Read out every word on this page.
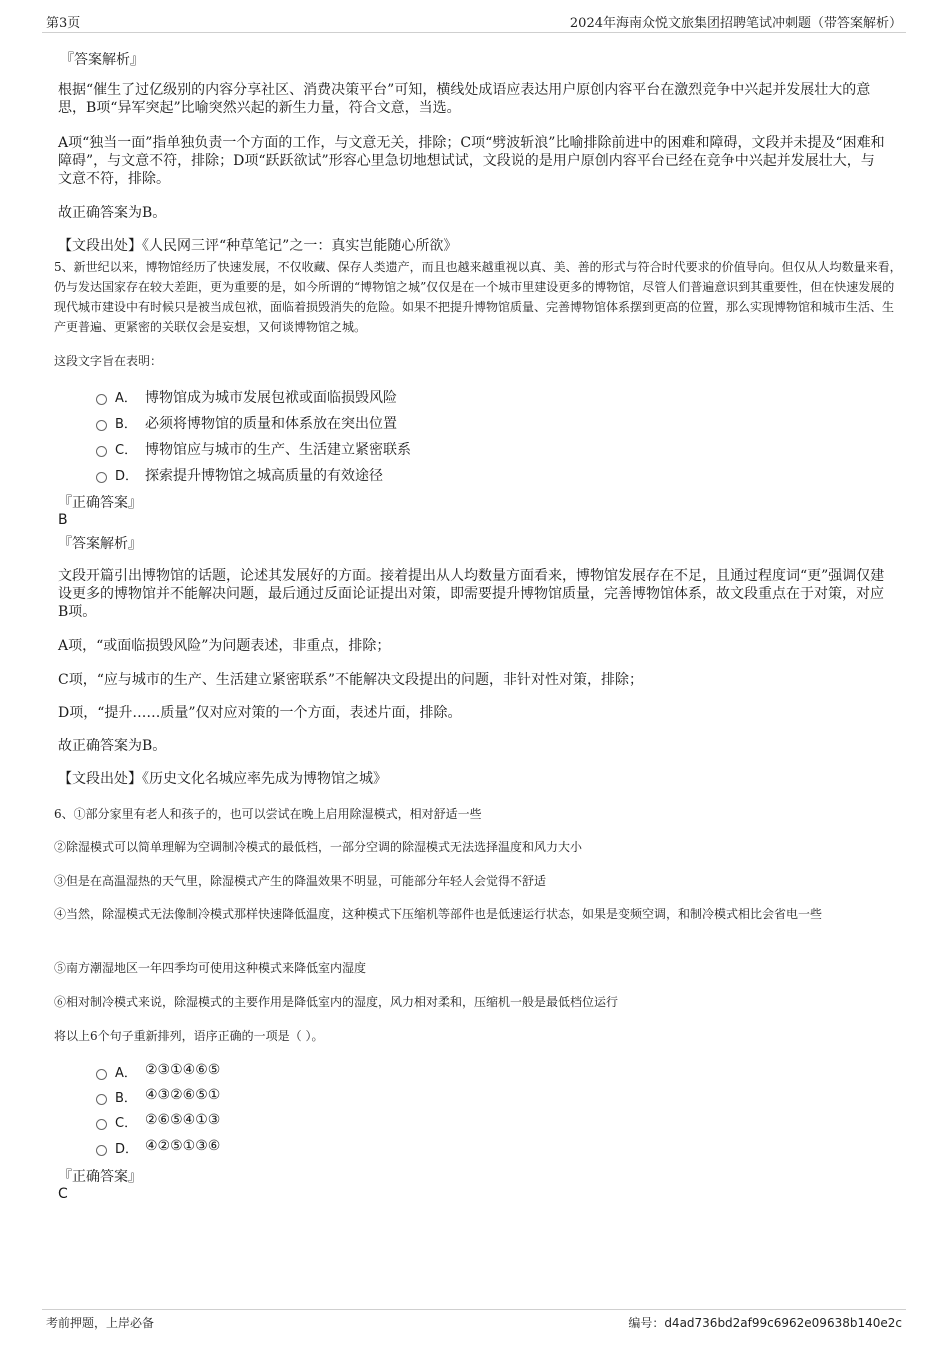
第3页	2024年海南众悦文旅集团招聘笔试冲刺题（带答案解析）
『答案解析』
根据“催生了过亿级别的内容分享社区、消费决策平台”可知，横线处成语应表达用户原创内容平台在激烈竞争中兴起并发展壮大的意思，B项“异军突起”比喻突然兴起的新生力量，符合文意，当选。
A项“独当一面”指单独负责一个方面的工作，与文意无关，排除；C项“劈波斩浪”比喻排除前进中的困难和障碍，文段并未提及“困难和障碍”，与文意不符，排除；D项“跃跃欲试”形容心里急切地想试试，文段说的是用户原创内容平台已经在竞争中兴起并发展壮大，与文意不符，排除。
故正确答案为B。
【文段出处】《人民网三评“种草笔记”之一：真实岂能随心所欲》
5、新世纪以来，博物馆经历了快速发展，不仅收藏、保存人类遗产，而且也越来越重视以真、美、善的形式与符合时代要求的价值导向。但仅从人均数量来看，仍与发达国家存在较大差距，更为重要的是，如今所谓的“博物馆之城”仅仅是在一个城市里建设更多的博物馆，尽管人们普遍意识到其重要性，但在快速发展的现代城市建设中有时候只是被当成包袱，面临着损毁消失的危险。如果不把提升博物馆质量、完善博物馆体系摆到更高的位置，那么实现博物馆和城市生活、生产更普遍、更紧密的关联仅会是妄想，又何谈博物馆之城。
这段文字旨在表明：
A． 博物馆成为城市发展包袱或面临损毁风险
B． 必须将博物馆的质量和体系放在突出位置
C． 博物馆应与城市的生产、生活建立紧密联系
D． 探索提升博物馆之城高质量的有效途径
『正确答案』
B
『答案解析』
文段开篇引出博物馆的话题，论述其发展好的方面。接着提出从人均数量方面看来，博物馆发展存在不足，且通过程度词“更”强调仅建设更多的博物馆并不能解决问题，最后通过反面论证提出对策，即需要提升博物馆质量，完善博物馆体系，故文段重点在于对策，对应B项。
A项，“或面临损毁风险”为问题表述，非重点，排除；
C项，“应与城市的生产、生活建立紧密联系”不能解决文段提出的问题，非针对性对策，排除；
D项，“提升……质量”仅对应对策的一个方面，表述片面，排除。
故正确答案为B。
【文段出处】《历史文化名城应率先成为博物馆之城》
6、①部分家里有老人和孩子的，也可以尝试在晚上启用除湿模式，相对舒适一些
②除湿模式可以简单理解为空调制冷模式的最低档，一部分空调的除湿模式无法选择温度和风力大小
③但是在高温湿热的天气里，除湿模式产生的降温效果不明显，可能部分年轻人会觉得不舒适
④当然，除湿模式无法像制冷模式那样快速降低温度，这种模式下压缩机等部件也是低速运行状态，如果是变频空调，和制冷模式相比会省电一些
⑤南方潮湿地区一年四季均可使用这种模式来降低室内湿度
⑥相对制冷模式来说，除湿模式的主要作用是降低室内的湿度，风力相对柔和，压缩机一般是最低档位运行
将以上6个句子重新排列，语序正确的一项是（ ）。
A． ②③①④⑥⑤
B． ④③②⑥⑤①
C． ②⑥⑤④①③
D． ④②⑤①③⑥
『正确答案』
C
考前押题，上岸必备	编号：d4ad736bd2af99c6962e09638b140e2c
